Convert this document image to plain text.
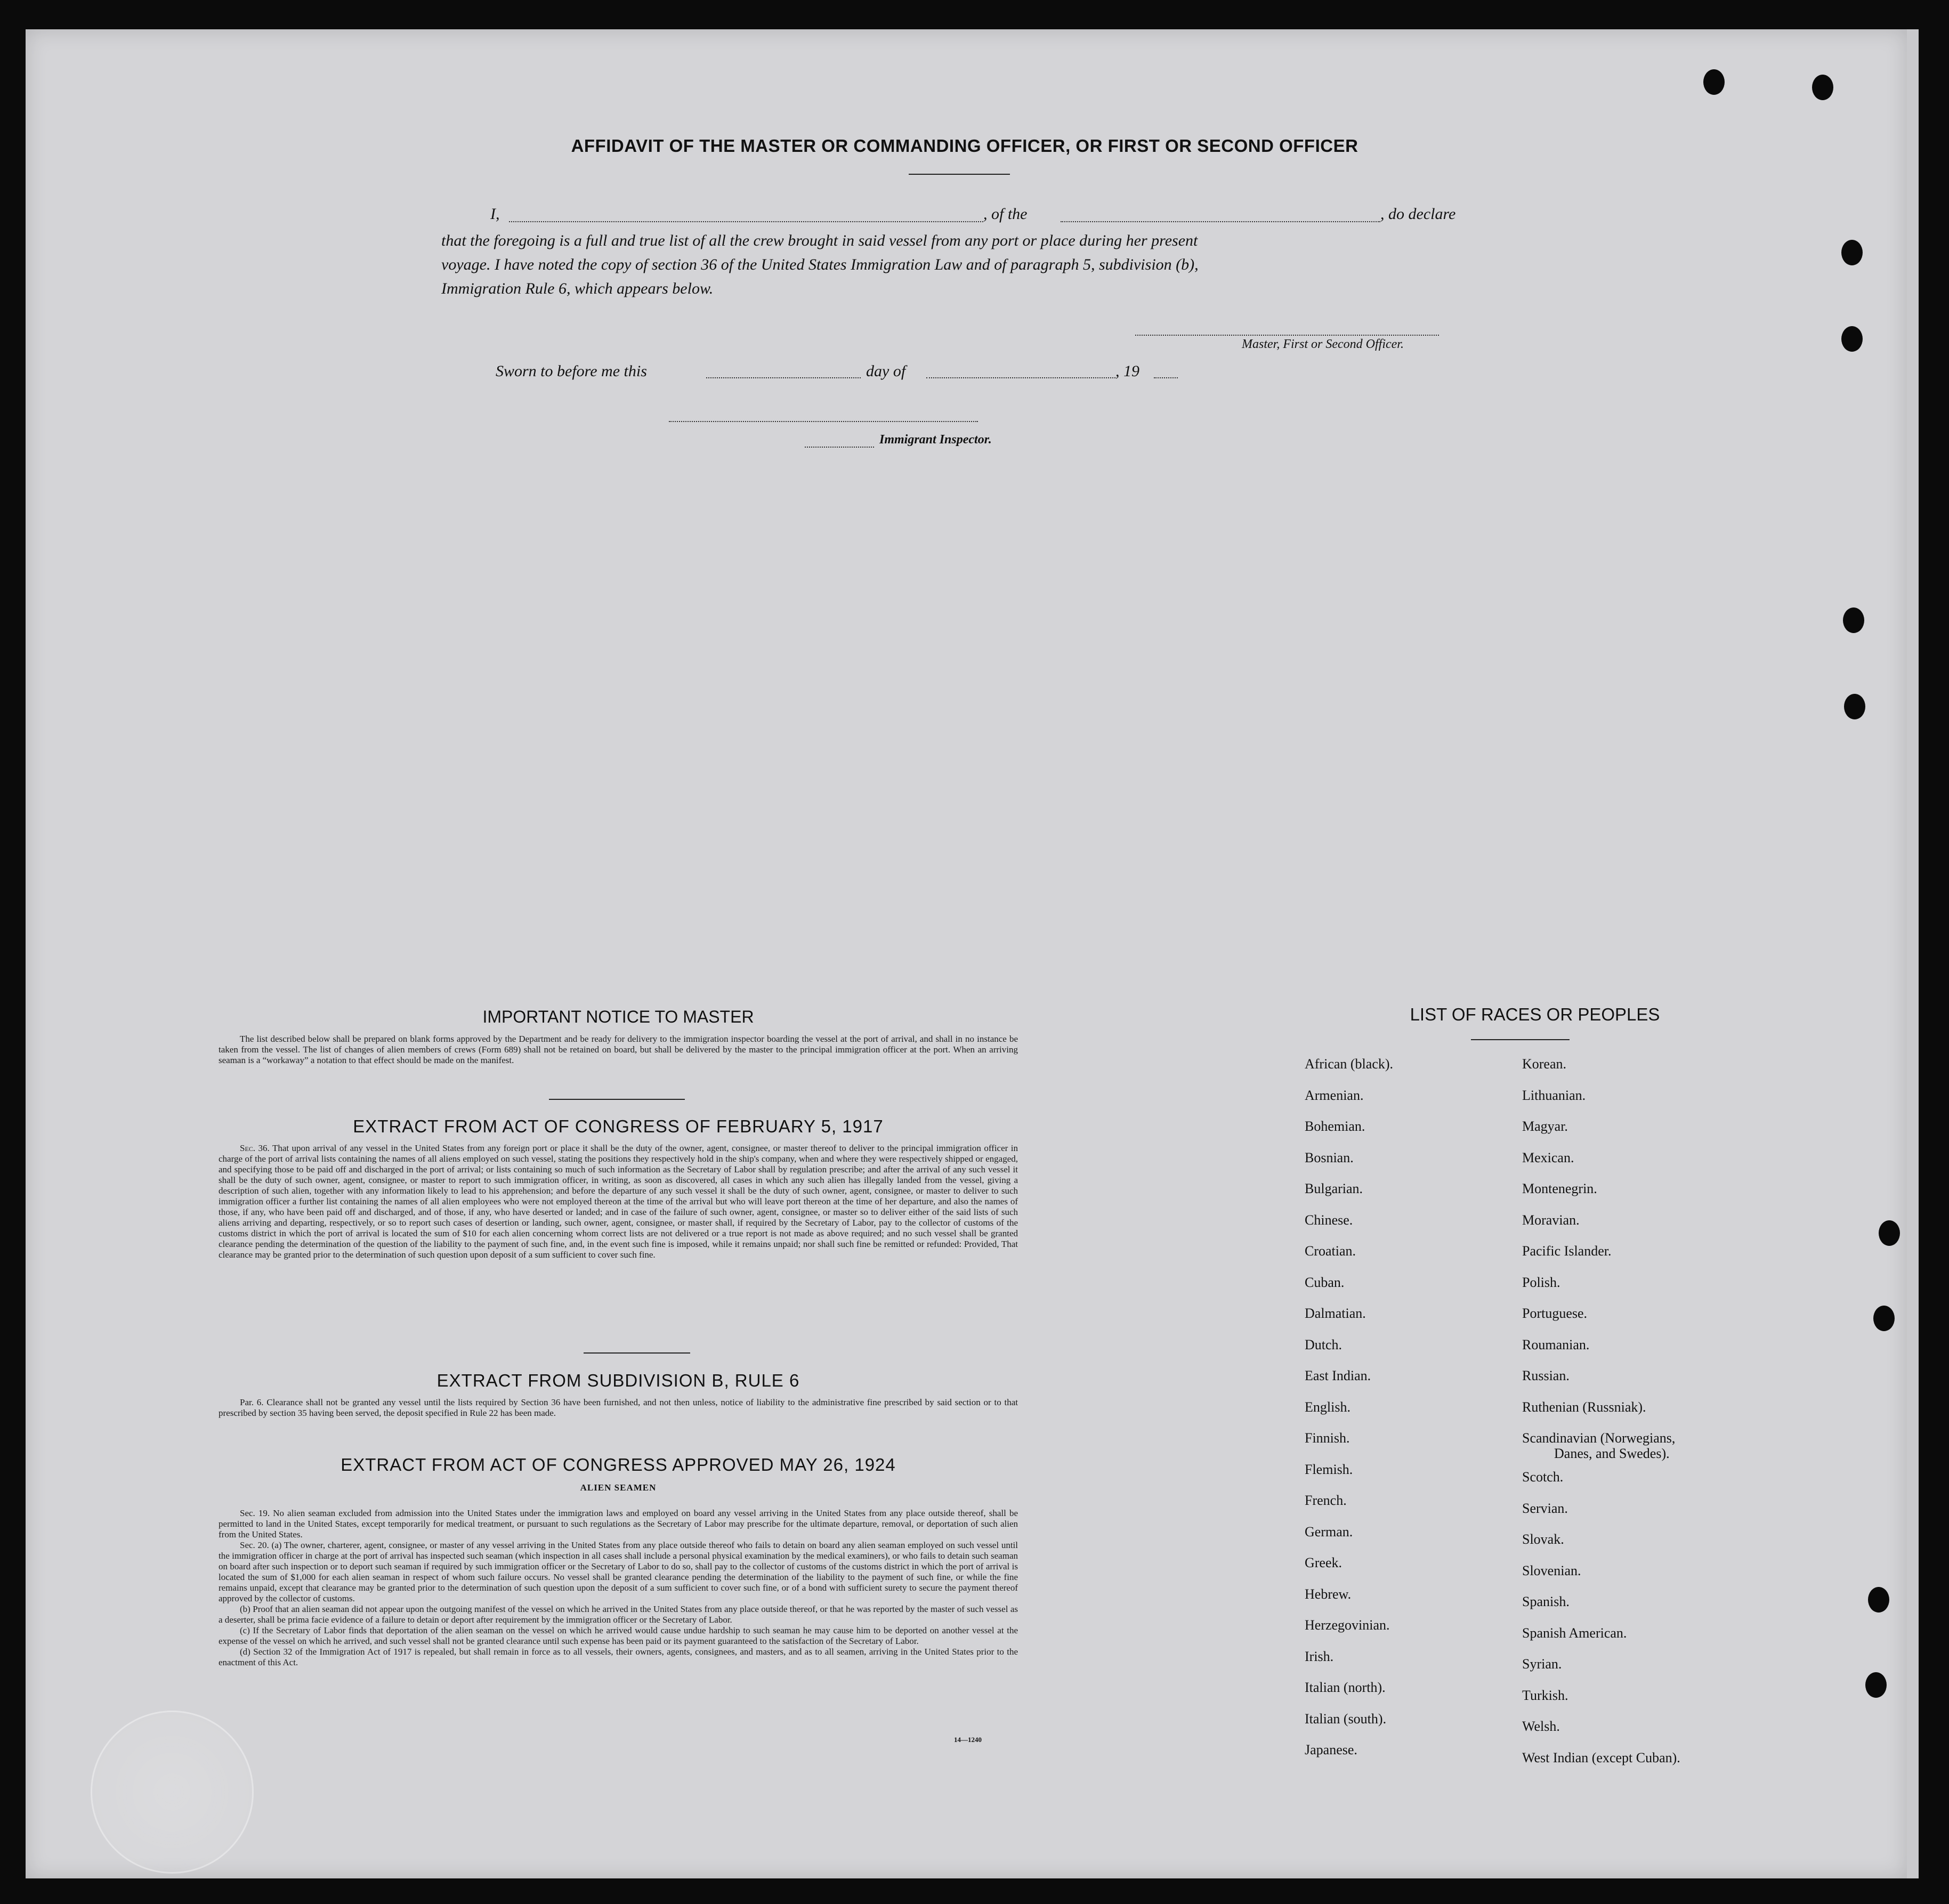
AFFIDAVIT OF THE MASTER OR COMMANDING OFFICER, OR FIRST OR SECOND OFFICER
I,	, of the	, do declare
that the foregoing is a full and true list of all the crew brought in said vessel from any port or place during her present
voyage. I have noted the copy of section 36 of the United States Immigration Law and of paragraph 5, subdivision (b),
Immigration Rule 6, which appears below.
Master, First or Second Officer.
Sworn to before me this	day of	, 19
Immigrant Inspector.
IMPORTANT NOTICE TO MASTER

The list described below shall be prepared on blank forms approved by the Department and be ready for delivery to the immigration inspector boarding the vessel at the port of arrival, and shall in no instance be taken from the vessel. The list of changes of alien members of crews (Form 689) shall not be retained on board, but shall be delivered by the master to the principal immigration officer at the port. When an arriving seaman is a “workaway” a notation to that effect should be made on the manifest.

EXTRACT FROM ACT OF CONGRESS OF FEBRUARY 5, 1917

Sec. 36. That upon arrival of any vessel in the United States from any foreign port or place it shall be the duty of the owner, agent, consignee, or master thereof to deliver to the principal immigration officer in charge of the port of arrival lists containing the names of all aliens employed on such vessel, stating the positions they respectively hold in the ship's company, when and where they were respectively shipped or engaged, and specifying those to be paid off and discharged in the port of arrival; or lists containing so much of such information as the Secretary of Labor shall by regulation prescribe; and after the arrival of any such vessel it shall be the duty of such owner, agent, consignee, or master to report to such immigration officer, in writing, as soon as discovered, all cases in which any such alien has illegally landed from the vessel, giving a description of such alien, together with any information likely to lead to his apprehension; and before the departure of any such vessel it shall be the duty of such owner, agent, consignee, or master to deliver to such immigration officer a further list containing the names of all alien employees who were not employed thereon at the time of the arrival but who will leave port thereon at the time of her departure, and also the names of those, if any, who have been paid off and discharged, and of those, if any, who have deserted or landed; and in case of the failure of such owner, agent, consignee, or master so to deliver either of the said lists of such aliens arriving and departing, respectively, or so to report such cases of desertion or landing, such owner, agent, consignee, or master shall, if required by the Secretary of Labor, pay to the collector of customs of the customs district in which the port of arrival is located the sum of $10 for each alien concerning whom correct lists are not delivered or a true report is not made as above required; and no such vessel shall be granted clearance pending the determination of the question of the liability to the payment of such fine, and, in the event such fine is imposed, while it remains unpaid; nor shall such fine be remitted or refunded: Provided, That clearance may be granted prior to the determination of such question upon deposit of a sum sufficient to cover such fine.

EXTRACT FROM SUBDIVISION B, RULE 6

Par. 6. Clearance shall not be granted any vessel until the lists required by Section 36 have been furnished, and not then unless, notice of liability to the administrative fine prescribed by said section or to that prescribed by section 35 having been served, the deposit specified in Rule 22 has been made.

EXTRACT FROM ACT OF CONGRESS APPROVED MAY 26, 1924
ALIEN SEAMEN

Sec. 19. No alien seaman excluded from admission into the United States under the immigration laws and employed on board any vessel arriving in the United States from any place outside thereof, shall be permitted to land in the United States, except temporarily for medical treatment, or pursuant to such regulations as the Secretary of Labor may prescribe for the ultimate departure, removal, or deportation of such alien from the United States.

Sec. 20. (a) The owner, charterer, agent, consignee, or master of any vessel arriving in the United States from any place outside thereof who fails to detain on board any alien seaman employed on such vessel until the immigration officer in charge at the port of arrival has inspected such seaman (which inspection in all cases shall include a personal physical examination by the medical examiners), or who fails to detain such seaman on board after such inspection or to deport such seaman if required by such immigration officer or the Secretary of Labor to do so, shall pay to the collector of customs of the customs district in which the port of arrival is located the sum of $1,000 for each alien seaman in respect of whom such failure occurs. No vessel shall be granted clearance pending the determination of the liability to the payment of such fine, or while the fine remains unpaid, except that clearance may be granted prior to the determination of such question upon the deposit of a sum sufficient to cover such fine, or of a bond with sufficient surety to secure the payment thereof approved by the collector of customs.

(b) Proof that an alien seaman did not appear upon the outgoing manifest of the vessel on which he arrived in the United States from any place outside thereof, or that he was reported by the master of such vessel as a deserter, shall be prima facie evidence of a failure to detain or deport after requirement by the immigration officer or the Secretary of Labor.

(c) If the Secretary of Labor finds that deportation of the alien seaman on the vessel on which he arrived would cause undue hardship to such seaman he may cause him to be deported on another vessel at the expense of the vessel on which he arrived, and such vessel shall not be granted clearance until such expense has been paid or its payment guaranteed to the satisfaction of the Secretary of Labor.

(d) Section 32 of the Immigration Act of 1917 is repealed, but shall remain in force as to all vessels, their owners, agents, consignees, and masters, and as to all seamen, arriving in the United States prior to the enactment of this Act.

14—1240
LIST OF RACES OR PEOPLES
African (black).
Armenian.
Bohemian.
Bosnian.
Bulgarian.
Chinese.
Croatian.
Cuban.
Dalmatian.
Dutch.
East Indian.
English.
Finnish.
Flemish.
French.
German.
Greek.
Hebrew.
Herzegovinian.
Irish.
Italian (north).
Italian (south).
Japanese.
Korean.
Lithuanian.
Magyar.
Mexican.
Montenegrin.
Moravian.
Pacific Islander.
Polish.
Portuguese.
Roumanian.
Russian.
Ruthenian (Russniak).
Scandinavian (Norwegians,
Danes, and Swedes).
Scotch.
Servian.
Slovak.
Slovenian.
Spanish.
Spanish American.
Syrian.
Turkish.
Welsh.
West Indian (except Cuban).
